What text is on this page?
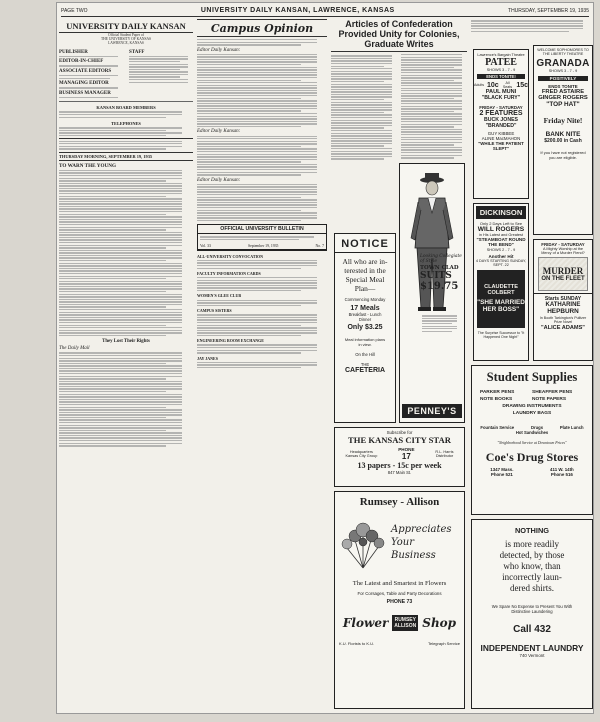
PAGE TWO	UNIVERSITY DAILY KANSAN, LAWRENCE, KANSAS	THURSDAY, SEPTEMBER 19, 1935
UNIVERSITY DAILY KANSAN
Official Student Paper of
THE UNIVERSITY OF KANSAS
LAWRENCE, KANSAS
PUBLISHER
EDITOR-IN-CHIEF
ASSOCIATE EDITORS
MANAGING EDITOR
BUSINESS MANAGER
STAFF
KANSAN BOARD MEMBERS
TELEPHONES
THURSDAY MORNING, SEPTEMBER 19, 1935
TO WARN THE YOUNG
They Lost Their Rights
The Daily Mail
Campus Opinion
Editor Daily Kansan:
Editor Daily Kansan:
Editor Daily Kansan:
OFFICIAL UNIVERSITY BULLETIN
Vol. 33	September 19, 1935	No. 7
ALL-UNIVERSITY CONVOCATION
FACULTY INFORMATION CARDS
WOMEN'S GLEE CLUB
CAMPUS SISTERS
ENGINEERING ROOM EXCHANGE
JAY JANES
Articles of Confederation Provided Unity for Colonies, Graduate Writes
NOTICE
All who are in-
terested in the
Special Meal
Plan—
Commencing Monday
17 Meals
Breakfast - Lunch
Dinner
Only $3.25
Meal information plans
in view.
On the Hill
THE
CAFETERIA
Looking Collegiate
of Style
TOWN CLAD
SUITS
$19.75
PENNEY'S
Subscribe for
THE KANSAS CITY STAR
Headquarters
Kansas City Group
PHONE
17	R.L. Harris
Distributor
13 papers - 15c per week
847 Main St.
Rumsey - Allison
Appreciates
Your
Business
The Latest and Smartest in Flowers
For Corsages, Table and Party Decorations
PHONE 73
Flower	RUMSEY ALLISON Shop
K.U. Florists to K.U.	Telegraph Service
Lawrence's Bargain Theatre
PATEE
SHOWS 3 - 7 - 9
ENDS TONITE!
Adults 10c	All Seats 15c
PAUL MUNI
"BLACK FURY"
FRIDAY - SATURDAY
2 FEATURES
BUCK JONES
"BRANDED"
GUY KIBBEE
ALINE MacMAHON
"WHILE THE PATIENT SLEPT"
WELCOME SOPHOMORES TO THE LIBERTY THEATRE
GRANADA
SHOWS 3 - 7 - 9
POSITIVELY
ENDS TONITE
FRED ASTAIRE
GINGER ROGERS
"TOP HAT"
Friday Nite!
BANK NITE
$200.00 in Cash
If you have not registered you are eligible.
DICKINSON
Only 2 Days Left to See
WILL ROGERS
in His Latest and Greatest
"STEAMBOAT ROUND THE BEND"
SHOWS 2 - 7 - 9
Another Hit
4 DAYS STARTING SUNDAY, SEPT. 22
CLAUDETTE COLBERT
"SHE MARRIED HER BOSS"
The Surprise Successor to "It Happened One Night"
FRIDAY - SATURDAY
A Mighty Worship at the
Mercy of a Murder Fiend?
MURDER
ON THE FLEET
Starts SUNDAY
KATHARINE
HEPBURN
In Booth Tarkington's Pulitzer Prize Novel
"ALICE ADAMS"
Student Supplies
PARKER PENS	SHEAFFER PENS
NOTE BOOKS	NOTE PAPERS
DRAWING INSTRUMENTS
LAUNDRY BAGS
Fountain Service	Drugs	Plate Lunch
Hot Sandwiches
"Neighborhood Service at Downtown Prices"
Coe's Drug Stores
1347 Mass.
Phone 521
411 W. 14th
Phone 516
NOTHING
is more readily
detected, by those
who know, than
incorrectly laun-
dered shirts.
We Spare No Expense to Present You With
Distinctive Laundering
Call 432
INDEPENDENT LAUNDRY
740 Vermont
